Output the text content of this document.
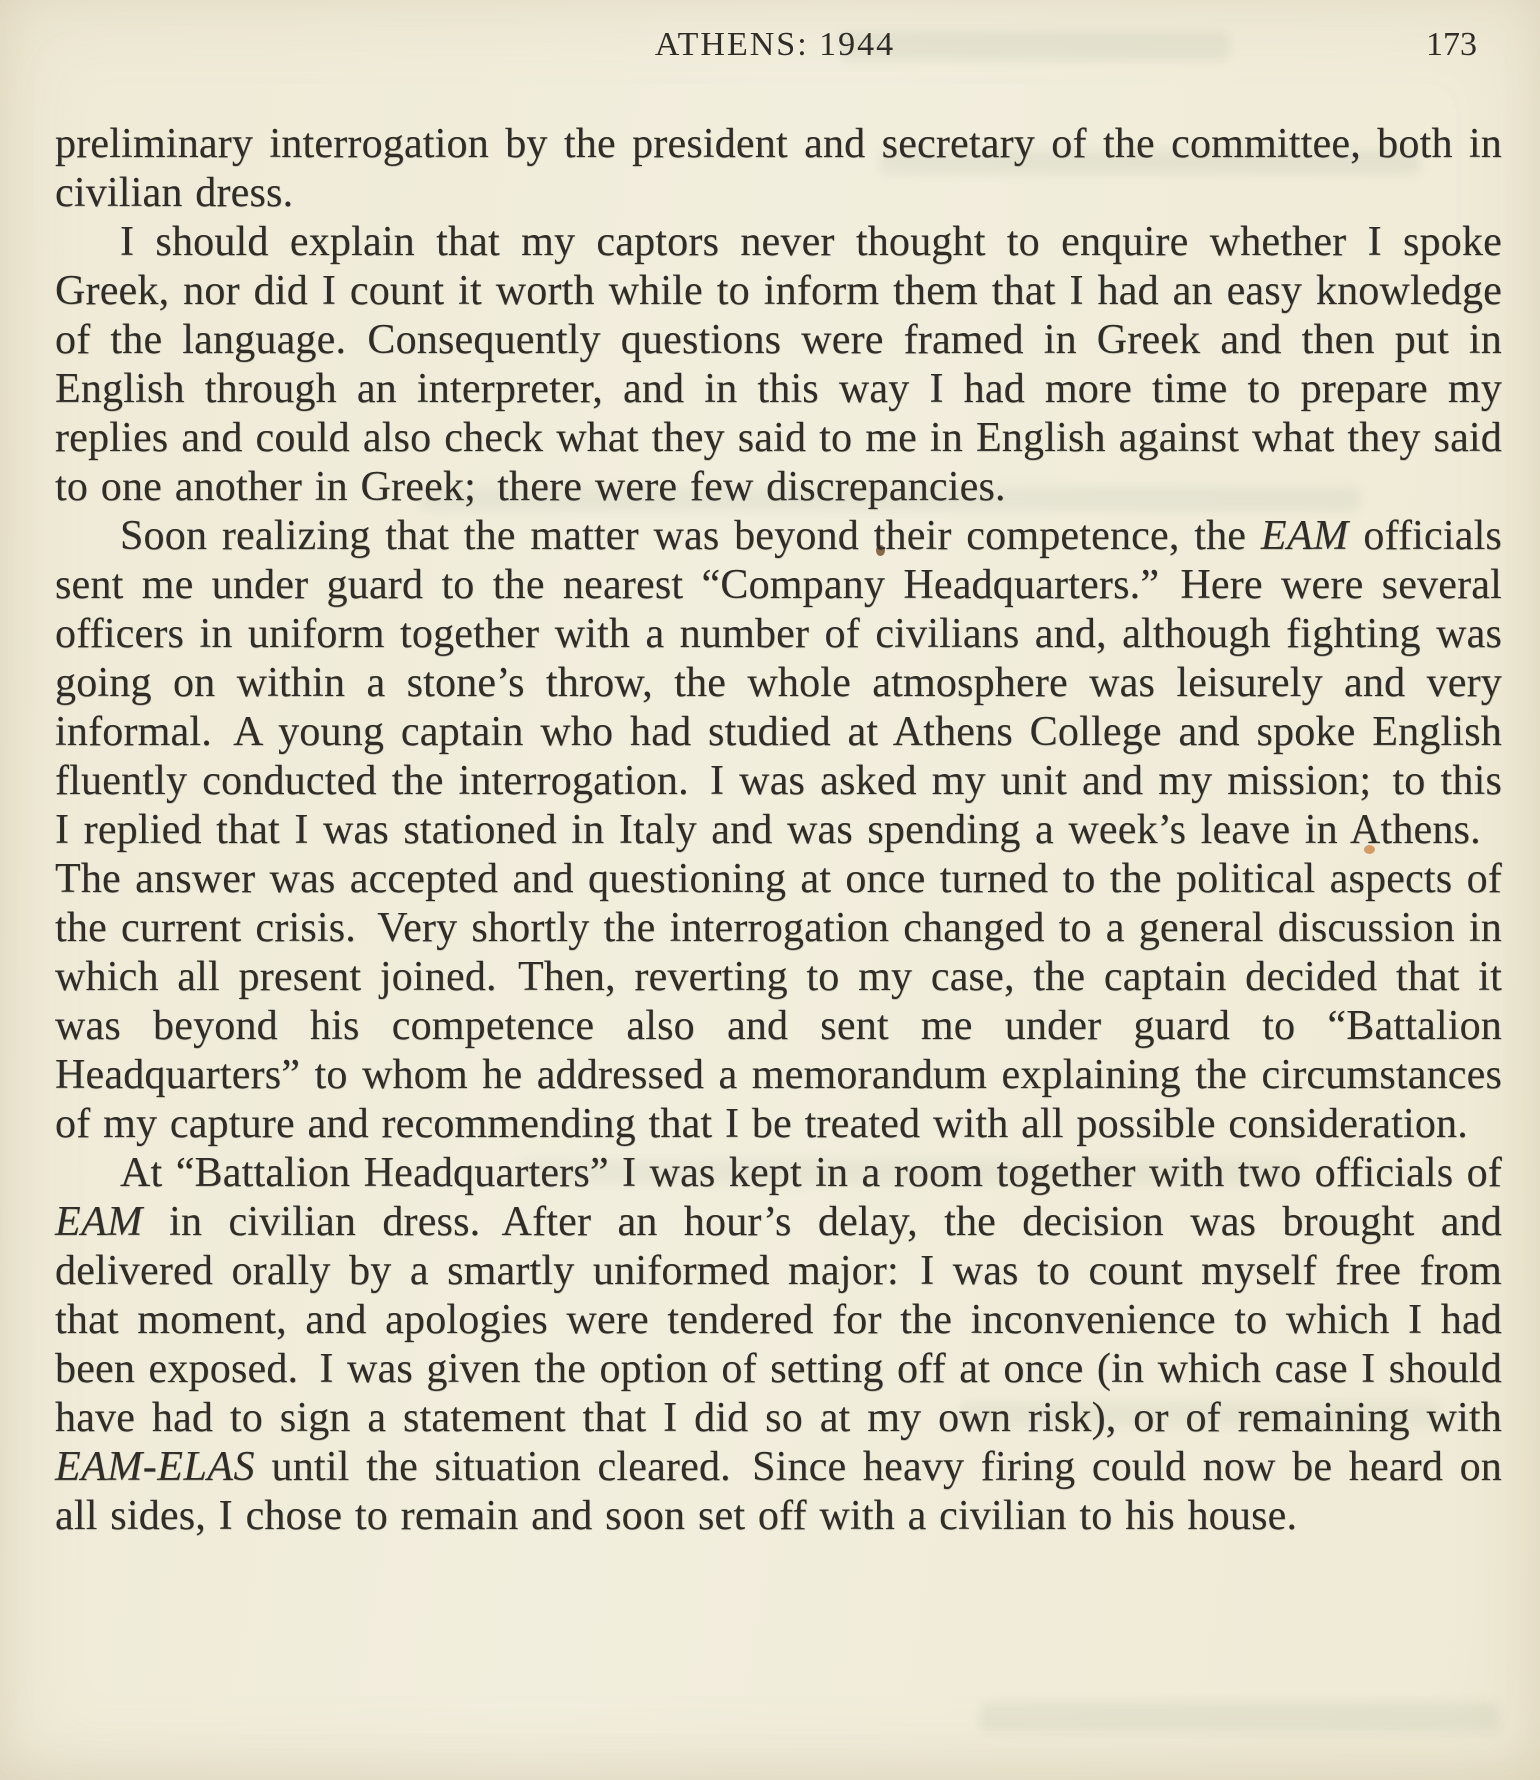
ATHENS: 1944	173

preliminary interrogation by the president and secretary of the committee, both in civilian dress.

I should explain that my captors never thought to enquire whether I spoke Greek, nor did I count it worth while to inform them that I had an easy knowledge of the language. Consequently questions were framed in Greek and then put in English through an interpreter, and in this way I had more time to prepare my replies and could also check what they said to me in English against what they said to one another in Greek; there were few discrepancies.

Soon realizing that the matter was beyond their competence, the EAM officials sent me under guard to the nearest “Company Headquarters.” Here were several officers in uniform together with a number of civilians and, although fighting was going on within a stone’s throw, the whole atmosphere was leisurely and very informal. A young captain who had studied at Athens College and spoke English fluently conducted the interrogation. I was asked my unit and my mission; to this I replied that I was stationed in Italy and was spending a week’s leave in Athens. The answer was accepted and questioning at once turned to the political aspects of the current crisis. Very shortly the interrogation changed to a general discussion in which all present joined. Then, reverting to my case, the captain decided that it was beyond his competence also and sent me under guard to “Battalion Headquarters” to whom he addressed a memorandum explaining the circumstances of my capture and recommending that I be treated with all possible consideration.

At “Battalion Headquarters” I was kept in a room together with two officials of EAM in civilian dress. After an hour’s delay, the decision was brought and delivered orally by a smartly uniformed major: I was to count myself free from that moment, and apologies were tendered for the inconvenience to which I had been exposed. I was given the option of setting off at once (in which case I should have had to sign a statement that I did so at my own risk), or of remaining with EAM-ELAS until the situation cleared. Since heavy firing could now be heard on all sides, I chose to remain and soon set off with a civilian to his house.
